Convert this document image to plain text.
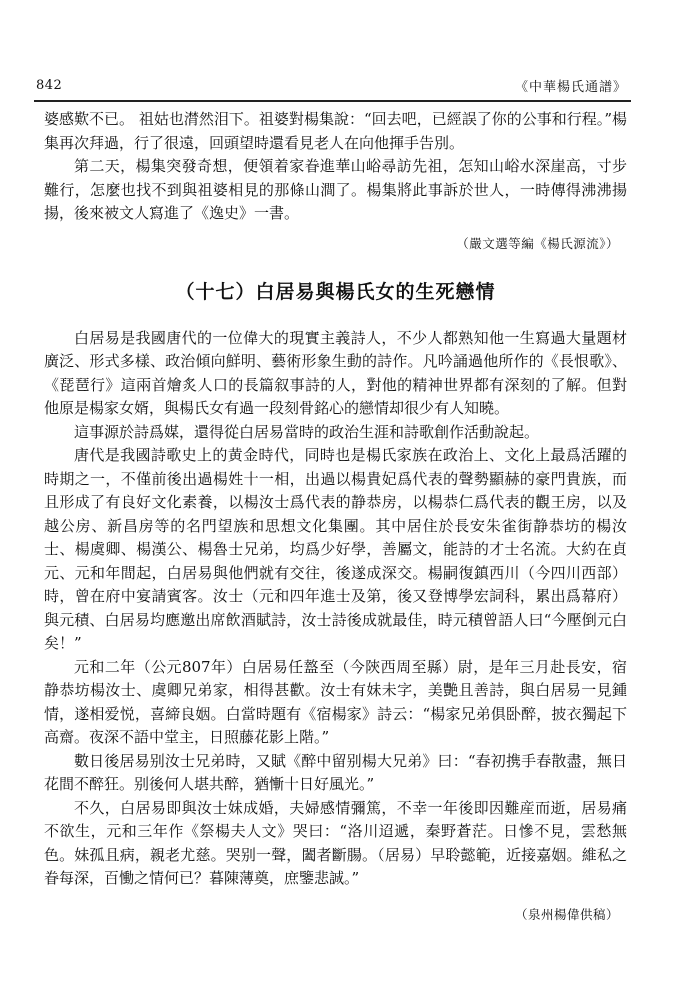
842	《中華楊氏通譜》

婆感歎不已。 祖姑也潸然泪下。祖婆對楊集說：“回去吧，已經誤了你的公事和行程。”楊集再次拜過，行了很遠，回頭望時還看見老人在向他揮手告別。

第二天，楊集突發奇想，便領着家眷進華山峪尋訪先祖，怎知山峪水深崖高，寸步難行，怎麼也找不到與祖婆相見的那條山澗了。楊集將此事訴於世人，一時傳得沸沸揚揚，後來被文人寫進了《逸史》一書。

（嚴文選等編《楊氏源流》）
（十七）白居易與楊氏女的生死戀情

白居易是我國唐代的一位偉大的現實主義詩人，不少人都熟知他一生寫過大量題材廣泛、形式多樣、政治傾向鮮明、藝術形象生動的詩作。凡吟誦過他所作的《長恨歌》、《琵琶行》這兩首燴炙人口的長篇叙事詩的人，對他的精神世界都有深刻的了解。但對他原是楊家女婿，與楊氏女有過一段刻骨銘心的戀情却很少有人知曉。

這事源於詩爲媒，還得從白居易當時的政治生涯和詩歌創作活動說起。

唐代是我國詩歌史上的黄金時代，同時也是楊氏家族在政治上、文化上最爲活躍的時期之一，不僅前後出過楊姓十一相，出過以楊貴妃爲代表的聲勢顯赫的豪門貴族，而且形成了有良好文化素養，以楊汝士爲代表的静恭房，以楊恭仁爲代表的觀王房，以及越公房、新昌房等的名門望族和思想文化集團。其中居住於長安朱雀街静恭坊的楊汝士、楊虞卿、楊漢公、楊魯士兄弟，均爲少好學，善屬文，能詩的才士名流。大約在貞元、元和年間起，白居易與他們就有交往，後遂成深交。楊嗣復鎮西川（今四川西部）時，曾在府中宴請賓客。汝士（元和四年進士及第，後又登博學宏詞科，累出爲幕府）與元積、白居易均應邀出席飲酒賦詩，汝士詩後成就最佳，時元積曾語人曰“今壓倒元白矣！”

元和二年（公元807年）白居易任盩至（今陝西周至縣）尉，是年三月赴長安，宿静恭坊楊汝士、虞卿兄弟家，相得甚歡。汝士有妹未字，美艷且善詩，與白居易一見鍾情，遂相爱悦，喜締良姻。白當時題有《宿楊家》詩云：“楊家兄弟俱卧醉，披衣獨起下高齋。夜深不語中堂主，日照藤花影上階。”

數日後居易别汝士兄弟時，又賦《醉中留别楊大兄弟》曰：“春初携手春散盡，無日花間不醉狂。别後何人堪共醉，猶慚十日好風光。”

不久，白居易即與汝士妹成婚，夫婦感情彌篤，不幸一年後即因難産而逝，居易痛不欲生，元和三年作《祭楊夫人文》哭曰：“洛川迢遞，秦野蒼茫。日慘不見，雲愁無色。妹孤且病，親老尤慈。哭别一聲，闔者斷腸。（居易）早聆懿範，近接嘉姻。維私之眷每深，百慟之情何已？暮陳薄奠，庶鑒悲誠。”

（泉州楊偉供稿）
